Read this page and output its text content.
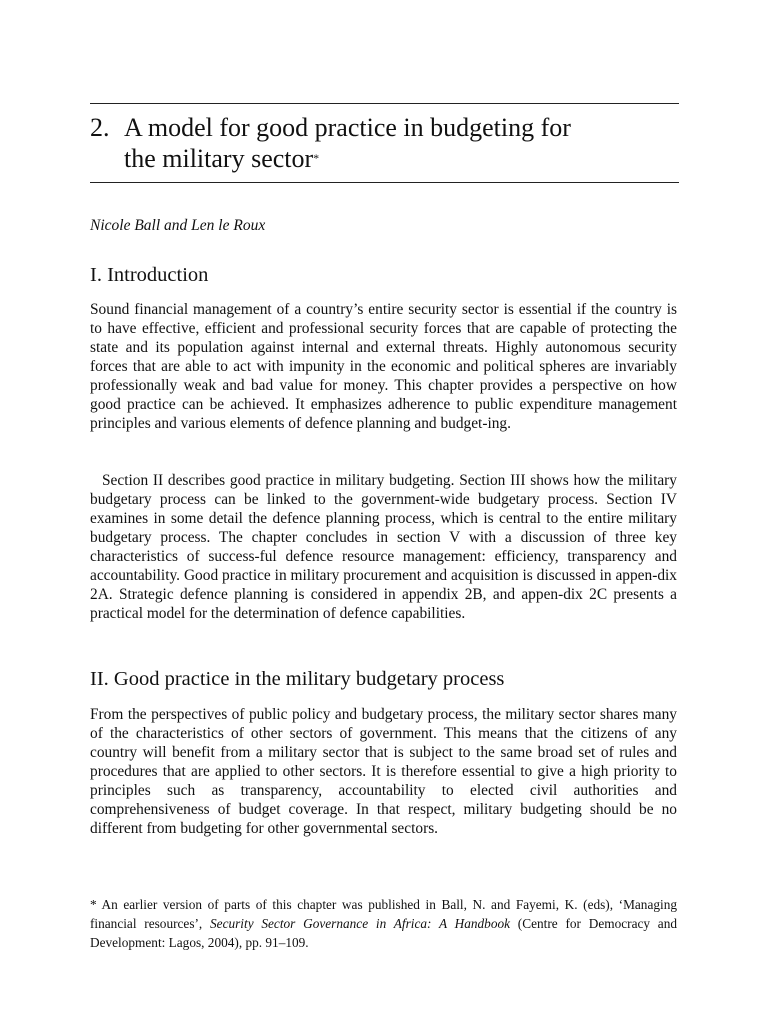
2. A model for good practice in budgeting for
the military sector*

Nicole Ball and Len le Roux

I. Introduction

Sound financial management of a country’s entire security sector is essential if the country is to have effective, efficient and professional security forces that are capable of protecting the state and its population against internal and external threats. Highly autonomous security forces that are able to act with impunity in the economic and political spheres are invariably professionally weak and bad value for money. This chapter provides a perspective on how good practice can be achieved. It emphasizes adherence to public expenditure management principles and various elements of defence planning and budget-ing.

Section II describes good practice in military budgeting. Section III shows how the military budgetary process can be linked to the government-wide budgetary process. Section IV examines in some detail the defence planning process, which is central to the entire military budgetary process. The chapter concludes in section V with a discussion of three key characteristics of success-ful defence resource management: efficiency, transparency and accountability. Good practice in military procurement and acquisition is discussed in appen-dix 2A. Strategic defence planning is considered in appendix 2B, and appen-dix 2C presents a practical model for the determination of defence capabilities.

II. Good practice in the military budgetary process

From the perspectives of public policy and budgetary process, the military sector shares many of the characteristics of other sectors of government. This means that the citizens of any country will benefit from a military sector that is subject to the same broad set of rules and procedures that are applied to other sectors. It is therefore essential to give a high priority to principles such as transparency, accountability to elected civil authorities and comprehensiveness of budget coverage. In that respect, military budgeting should be no different from budgeting for other governmental sectors.

* An earlier version of parts of this chapter was published in Ball, N. and Fayemi, K. (eds), ‘Managing financial resources’, Security Sector Governance in Africa: A Handbook (Centre for Democracy and Development: Lagos, 2004), pp. 91–109.
